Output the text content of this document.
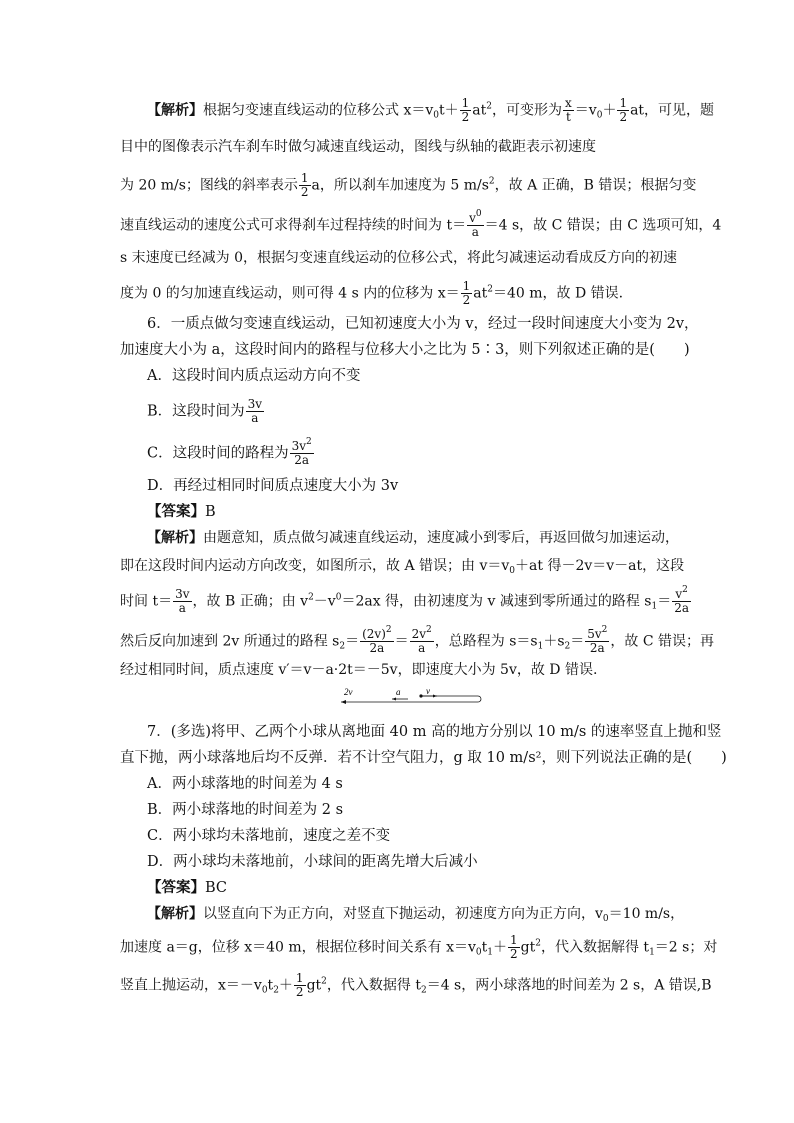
【解析】根据匀变速直线运动的位移公式 $x=v_0t+ \frac{1}{2} at^2$，可变形为 $\frac{x}{t} =v_0+ \frac{1}{2}$ at，可见，题
目中的图像表示汽车刹车时做匀减速直线运动，图线与纵轴的截距表示初速度
为 20 m/s；图线的斜率表示 $\frac{1}{2}$ a，所以刹车加速度为 5 $m/s^2$，故 A 正确，B 错误；根据匀变
速直线运动的速度公式可求得刹车过程持续的时间为 $t= \frac{v^0}{a} =4$ s，故 C 错误；由 C 选项可知，4
s 末速度已经减为 0，根据匀变速直线运动的位移公式，将此匀减速运动看成反方向的初速
度为 0 的匀加速直线运动，则可得 4 s 内的位移为 $x= \frac{1}{2} at^2=40$ m，故 D 错误.
6．一质点做匀变速直线运动，已知初速度大小为 v，经过一段时间速度大小变为 2v，
加速度大小为 a，这段时间内的路程与位移大小之比为 5∶3，则下列叙述正确的是(　　)
A．这段时间内质点运动方向不变
B．这段时间为 $\frac{3v}{a}$
C．这段时间的路程为 $\frac{3v^2}{2a}$
D．再经过相同时间质点速度大小为 3v
【答案】B
【解析】由题意知，质点做匀减速直线运动，速度减小到零后，再返回做匀加速运动，
即在这段时间内运动方向改变，如图所示，故 A 错误；由 $v=v_0+at$ 得－2v＝v－at，这段
时间 $t= \frac{3v}{a}$ ，故 B 正确；由 $v^2-v^0=2ax$ 得，由初速度为 v 减速到零所通过的路程 $s_1= \frac{v^2}{2a}$
然后反向加速到 2v 所通过的路程 $s_2= \frac{(2v)^2}{2a} = \frac{2v^2}{a}$ ，总路程为 $s=s_1+s_2= \frac{5v^2}{2a}$ ，故 C 错误；再
经过相同时间，质点速度 v′＝v－a·2t＝－5v，即速度大小为 5v，故 D 错误.
2v	a	v
7．(多选)将甲、乙两个小球从离地面 40 m 高的地方分别以 10 m/s 的速率竖直上抛和竖
直下抛，两小球落地后均不反弹．若不计空气阻力，g 取 10 m/s²，则下列说法正确的是(　　)
A．两小球落地的时间差为 4 s
B．两小球落地的时间差为 2 s
C．两小球均未落地前，速度之差不变
D．两小球均未落地前，小球间的距离先增大后减小
【答案】BC
【解析】以竖直向下为正方向，对竖直下抛运动，初速度方向为正方向，$v_0=10$ m/s，
加速度 a＝g，位移 x＝40 m，根据位移时间关系有 $x=v_0t_1+ \frac{1}{2} gt^2$，代入数据解得 $t_1=2$ s；对
竖直上抛运动，$x=-v_0t_2+ \frac{1}{2} gt^2$，代入数据得 $t_2=4$ s，两小球落地的时间差为 2 s，A 错误,B
